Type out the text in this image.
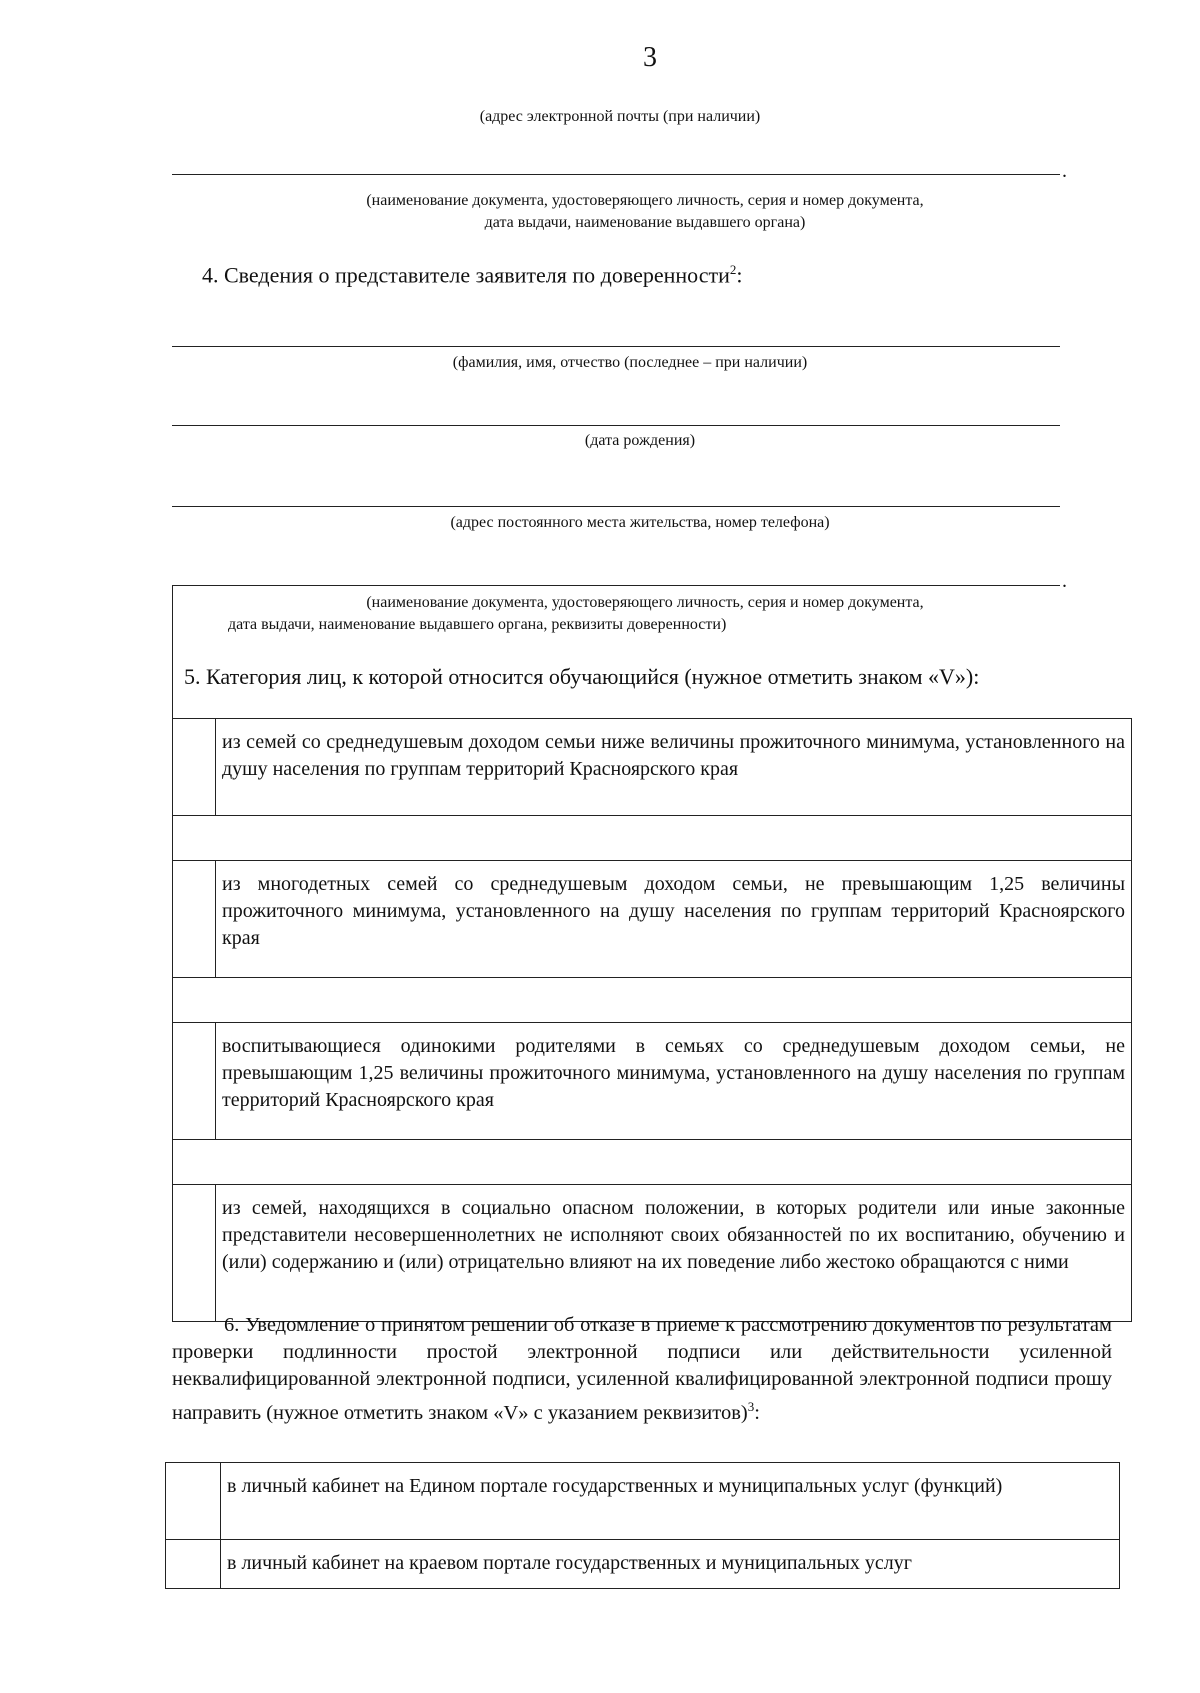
3
(адрес электронной почты (при наличии)
.
(наименование документа, удостоверяющего личность, серия и номер документа,
дата выдачи, наименование выдавшего органа)
4. Сведения о представителе заявителя по доверенности$^2$:
(фамилия, имя, отчество (последнее – при наличии)
(дата рождения)
(адрес постоянного места жительства, номер телефона)
.
(наименование документа, удостоверяющего личность, серия и номер документа,
дата выдачи, наименование выдавшего органа, реквизиты доверенности)
5. Категория лиц, к которой относится обучающийся (нужное отметить знаком «V»):
	из семей со среднедушевым доходом семьи ниже величины прожиточного минимума, установленного на душу населения по группам территорий Красноярского края

	из многодетных семей со среднедушевым доходом семьи, не превышающим 1,25 величины прожиточного минимума, установленного на душу населения по группам территорий Красноярского края

	воспитывающиеся одинокими родителями в семьях со среднедушевым доходом семьи, не превышающим 1,25 величины прожиточного минимума, установленного на душу населения по группам территорий Красноярского края

	из семей, находящихся в социально опасном положении, в которых родители или иные законные представители несовершеннолетних не исполняют своих обязанностей по их воспитанию, обучению и (или) содержанию и (или) отрицательно влияют на их поведение либо жестоко обращаются с ними
6. Уведомление о принятом решении об отказе в приеме к рассмотрению документов по результатам проверки подлинности простой электронной подписи или действительности усиленной неквалифицированной электронной подписи, усиленной квалифицированной электронной подписи прошу направить (нужное отметить знаком «V» с указанием реквизитов)$^3$:
	в личный кабинет на Едином портале государственных и муниципальных услуг (функций)
	в личный кабинет на краевом портале государственных и муниципальных услуг
